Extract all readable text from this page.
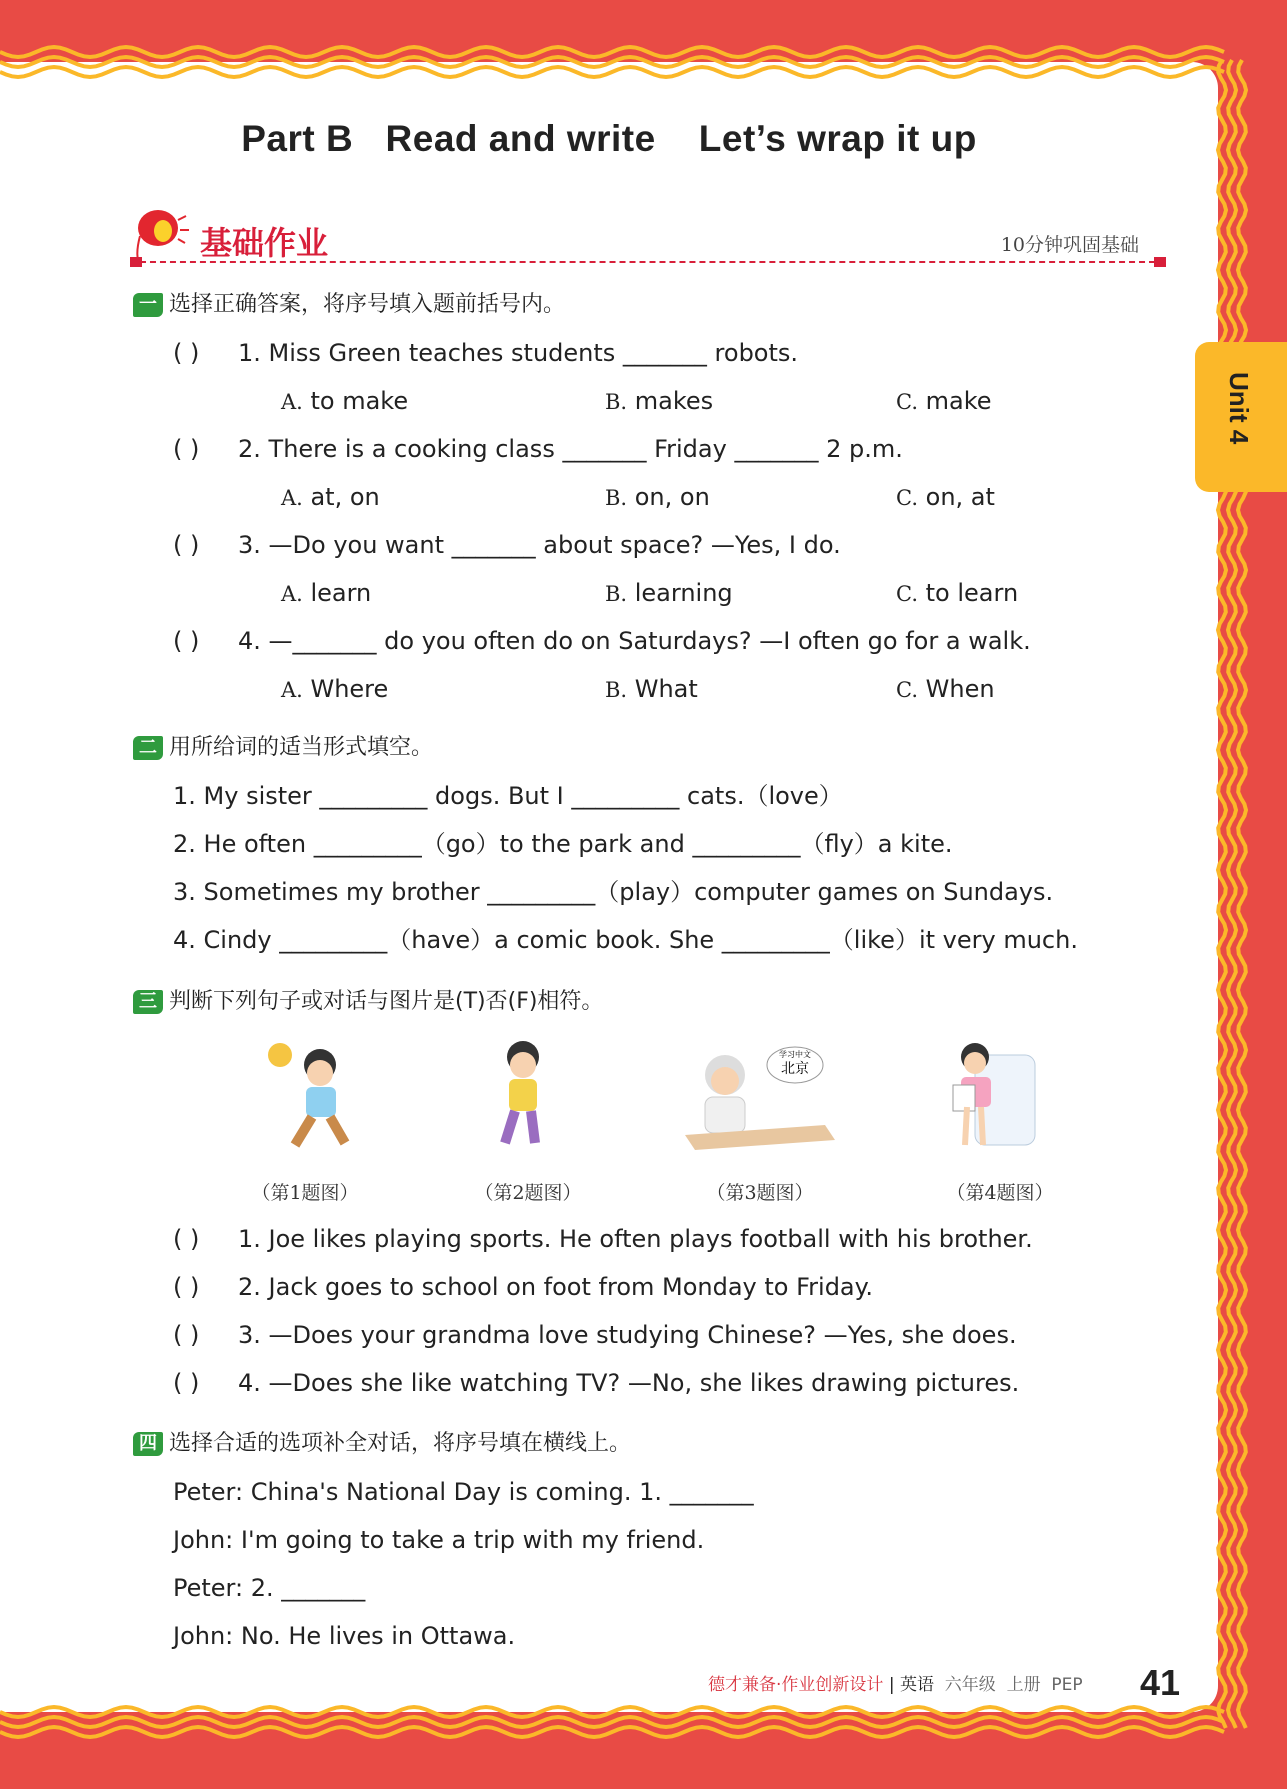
Unit 4
Part B   Read and write    Let’s wrap it up
基础作业	10分钟巩固基础
一 选择正确答案，将序号填入题前括号内。
( ) 1. Miss Green teaches students _______ robots.
A. to make	B. makes	C. make
( ) 2. There is a cooking class _______ Friday _______ 2 p.m.
A. at, on	B. on, on	C. on, at
( ) 3. —Do you want _______ about space? —Yes, I do.
A. learn	B. learning	C. to learn
( ) 4. —_______ do you often do on Saturdays? —I often go for a walk.
A. Where	B. What	C. When
二 用所给词的适当形式填空。
1. My sister _________ dogs. But I _________ cats.（love）
2. He often _________（go）to the park and _________（fly）a kite.
3. Sometimes my brother _________（play）computer games on Sundays.
4. Cindy _________（have）a comic book. She _________（like）it very much.
三 判断下列句子或对话与图片是(T)否(F)相符。
（第1题图）	（第2题图）
北京
学习中文
（第3题图）	（第4题图）
( ) 1. Joe likes playing sports. He often plays football with his brother.
( ) 2. Jack goes to school on foot from Monday to Friday.
( ) 3. —Does your grandma love studying Chinese? —Yes, she does.
( ) 4. —Does she like watching TV? —No, she likes drawing pictures.
四 选择合适的选项补全对话，将序号填在横线上。
Peter: China's National Day is coming. 1. _______
John: I'm going to take a trip with my friend.
Peter: 2. _______
John: No. He lives in Ottawa.
德才兼备·作业创新设计 | 英语 六年级 上册 PEP 41
